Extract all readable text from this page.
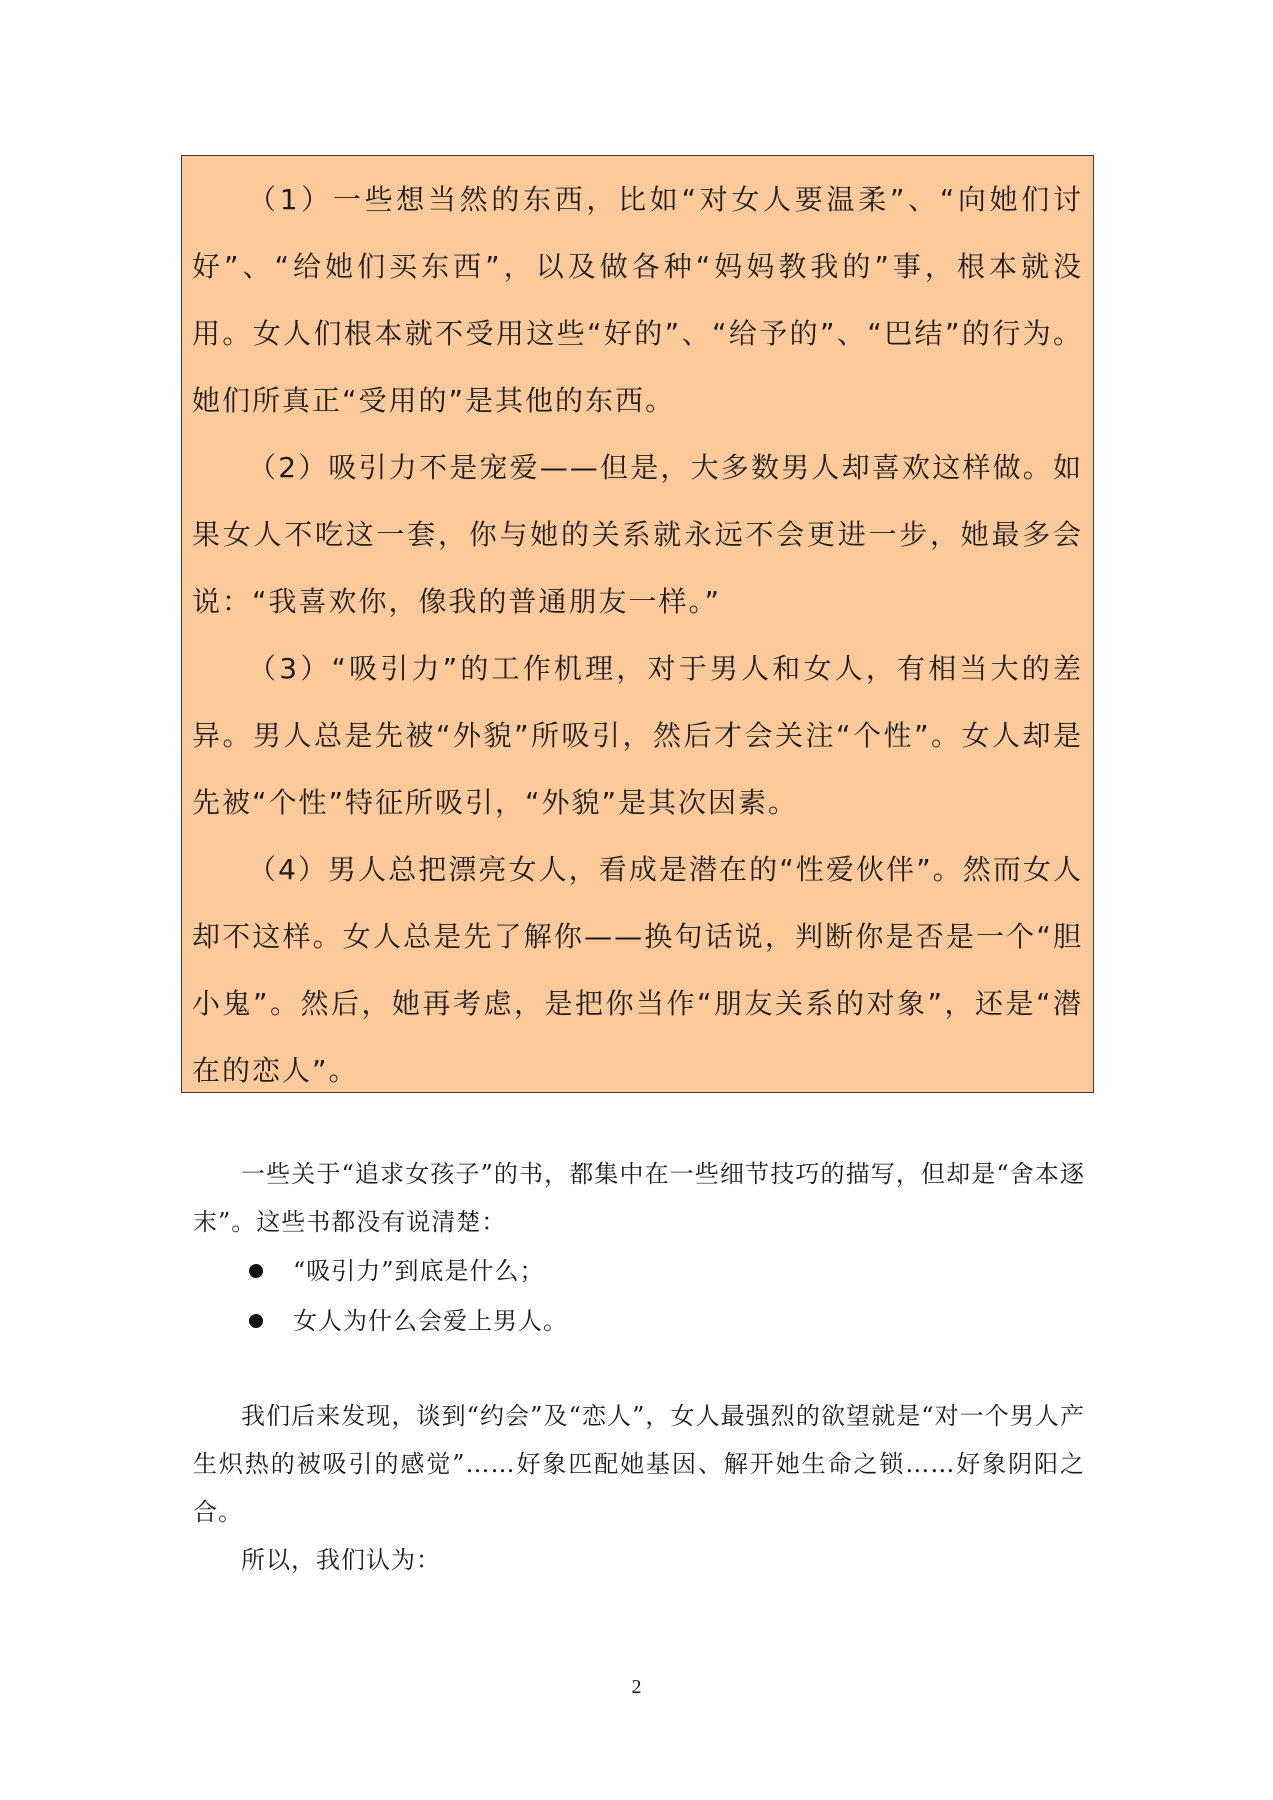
（1）一些想当然的东西，比如“对女人要温柔”、“向她们讨好”、“给她们买东西”，以及做各种“妈妈教我的”事，根本就没用。女人们根本就不受用这些“好的”、“给予的”、“巴结”的行为。她们所真正“受用的”是其他的东西。

（2）吸引力不是宠爱——但是，大多数男人却喜欢这样做。如果女人不吃这一套，你与她的关系就永远不会更进一步，她最多会说：“我喜欢你，像我的普通朋友一样。”

（3）“吸引力”的工作机理，对于男人和女人，有相当大的差异。男人总是先被“外貌”所吸引，然后才会关注“个性”。女人却是先被“个性”特征所吸引，“外貌”是其次因素。

（4）男人总把漂亮女人，看成是潜在的“性爱伙伴”。然而女人却不这样。女人总是先了解你——换句话说，判断你是否是一个“胆小鬼”。然后，她再考虑，是把你当作“朋友关系的对象”，还是“潜在的恋人”。

一些关于“追求女孩子”的书，都集中在一些细节技巧的描写，但却是“舍本逐末”。这些书都没有说清楚：

“吸引力”到底是什么；
女人为什么会爱上男人。

我们后来发现，谈到“约会”及“恋人”，女人最强烈的欲望就是“对一个男人产生炽热的被吸引的感觉”……好象匹配她基因、解开她生命之锁……好象阴阳之合。

所以，我们认为：

2
